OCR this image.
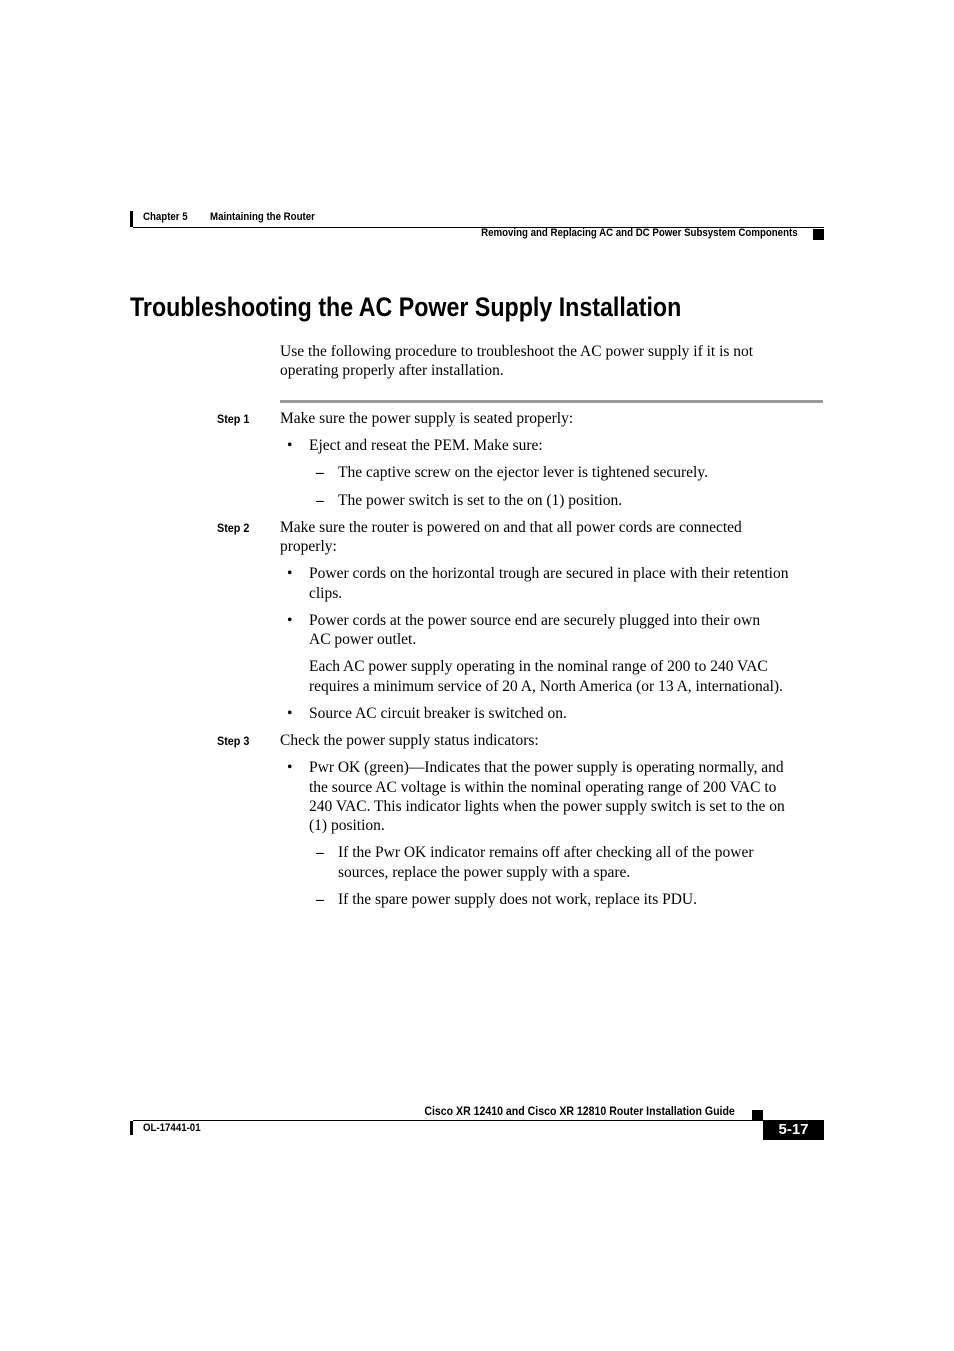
Chapter 5 Maintaining the Router
Removing and Replacing AC and DC Power Subsystem Components
Troubleshooting the AC Power Supply Installation
Use the following procedure to troubleshoot the AC power supply if it is not
operating properly after installation.
Step 1 Make sure the power supply is seated properly:
• Eject and reseat the PEM. Make sure:
– The captive screw on the ejector lever is tightened securely.
– The power switch is set to the on (1) position.
Step 2 Make sure the router is powered on and that all power cords are connected
properly:
• Power cords on the horizontal trough are secured in place with their retention
clips.
• Power cords at the power source end are securely plugged into their own
AC power outlet.
Each AC power supply operating in the nominal range of 200 to 240 VAC
requires a minimum service of 20 A, North America (or 13 A, international).
• Source AC circuit breaker is switched on.
Step 3 Check the power supply status indicators:
• Pwr OK (green)—Indicates that the power supply is operating normally, and
the source AC voltage is within the nominal operating range of 200 VAC to
240 VAC. This indicator lights when the power supply switch is set to the on
(1) position.
– If the Pwr OK indicator remains off after checking all of the power
sources, replace the power supply with a spare.
– If the spare power supply does not work, replace its PDU.
Cisco XR 12410 and Cisco XR 12810 Router Installation Guide
OL-17441-01	5-17
